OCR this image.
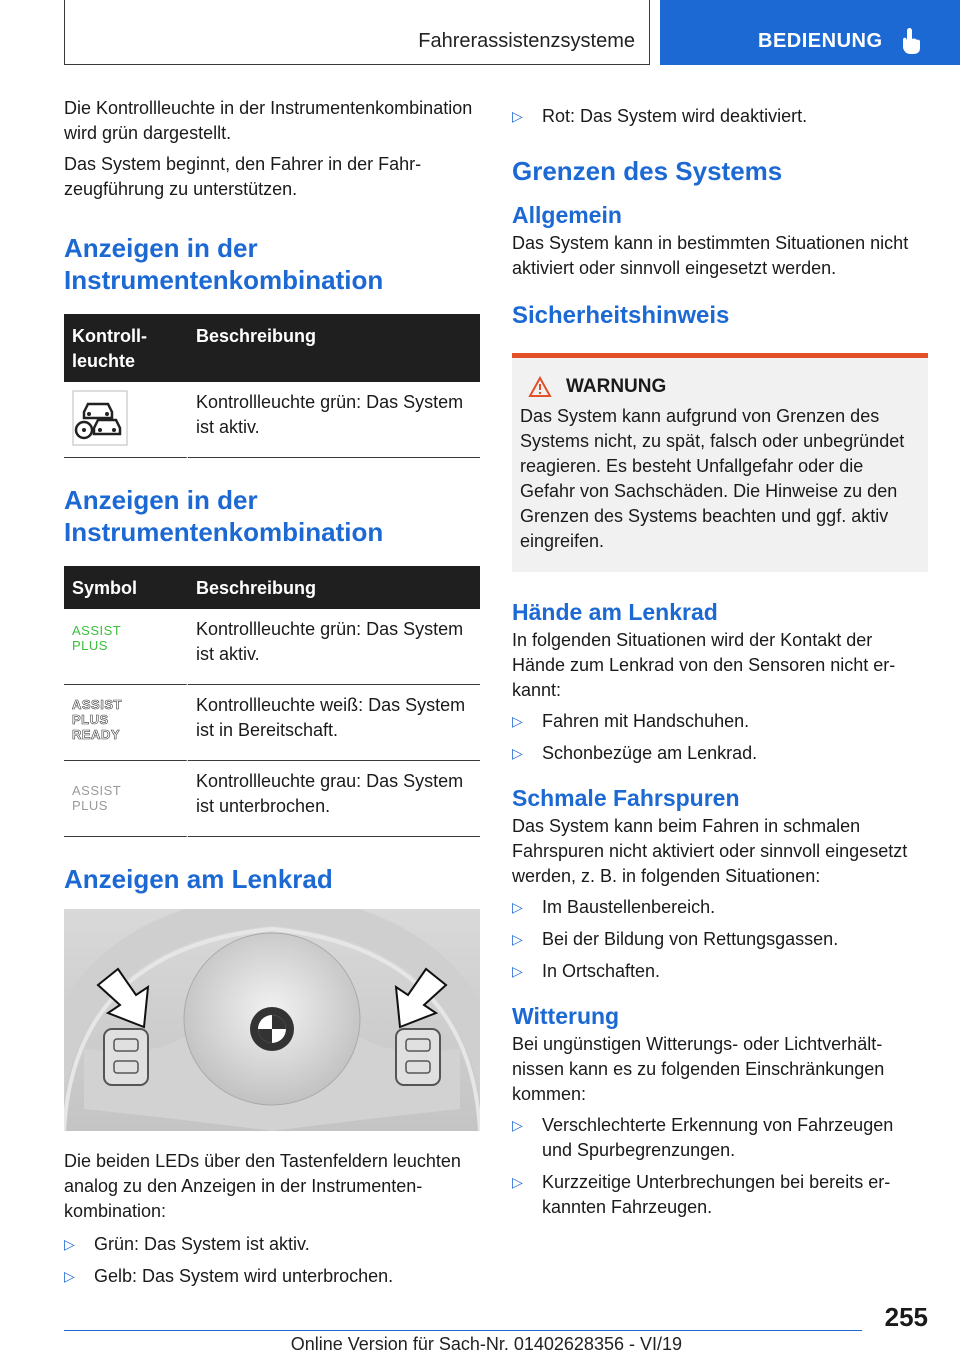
Fahrerassistenzsysteme	BEDIENUNG

Die Kontrollleuchte in der Instrumentenkombination wird grün dargestellt.

Das System beginnt, den Fahrer in der Fahrzeugführung zu unterstützen.

Anzeigen in der Instrumentenkombination
Kontrollleuchte
Beschreibung
Kontrollleuchte grün: Das System ist aktiv.
Anzeigen in der Instrumentenkombination
Symbol	Beschreibung
ASSIST
PLUS
Kontrollleuchte grün: Das System ist aktiv.
ASSIST
PLUS
READY
Kontrollleuchte weiß: Das System ist in Bereitschaft.
ASSIST
PLUS
Kontrollleuchte grau: Das System ist unterbrochen.
Anzeigen am Lenkrad

Die beiden LEDs über den Tastenfeldern leuchten analog zu den Anzeigen in der Instrumentenkombination:

▷ Grün: Das System ist aktiv.
▷ Gelb: Das System wird unterbrochen.
▷ Rot: Das System wird deaktiviert.
Grenzen des Systems
Allgemein

Das System kann in bestimmten Situationen nicht aktiviert oder sinnvoll eingesetzt werden.

Sicherheitshinweis
WARNUNG

Das System kann aufgrund von Grenzen des Systems nicht, zu spät, falsch oder unbegründet reagieren. Es besteht Unfallgefahr oder die Gefahr von Sachschäden. Die Hinweise zu den Grenzen des Systems beachten und ggf. aktiv eingreifen.

Hände am Lenkrad

In folgenden Situationen wird der Kontakt der Hände zum Lenkrad von den Sensoren nicht erkannt:

▷ Fahren mit Handschuhen.
▷ Schonbezüge am Lenkrad.
Schmale Fahrspuren

Das System kann beim Fahren in schmalen Fahrspuren nicht aktiviert oder sinnvoll eingesetzt werden, z. B. in folgenden Situationen:

▷ Im Baustellenbereich.
▷ Bei der Bildung von Rettungsgassen.
▷ In Ortschaften.
Witterung

Bei ungünstigen Witterungs- oder Lichtverhältnissen kann es zu folgenden Einschränkungen kommen:

▷ Verschlechterte Erkennung von Fahrzeugen und Spurbegrenzungen.
▷ Kurzzeitige Unterbrechungen bei bereits erkannten Fahrzeugen.
255
Online Version für Sach-Nr. 01402628356 - VI/19
